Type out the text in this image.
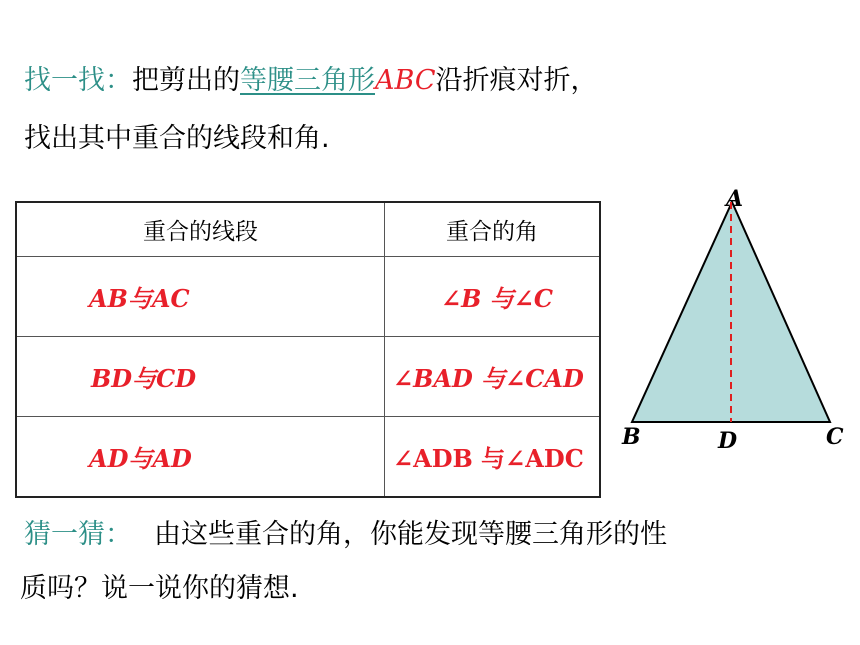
找一找：把剪出的等腰三角形ABC沿折痕对折，
找出其中重合的线段和角.
重合的线段	重合的角
AB与AC	∠B 与∠C
BD与CD	∠BAD 与∠CAD
AD与AD	∠ADB 与∠ADC
A
B	D	C
猜一猜： 由这些重合的角，你能发现等腰三角形的性
质吗？说一说你的猜想.
